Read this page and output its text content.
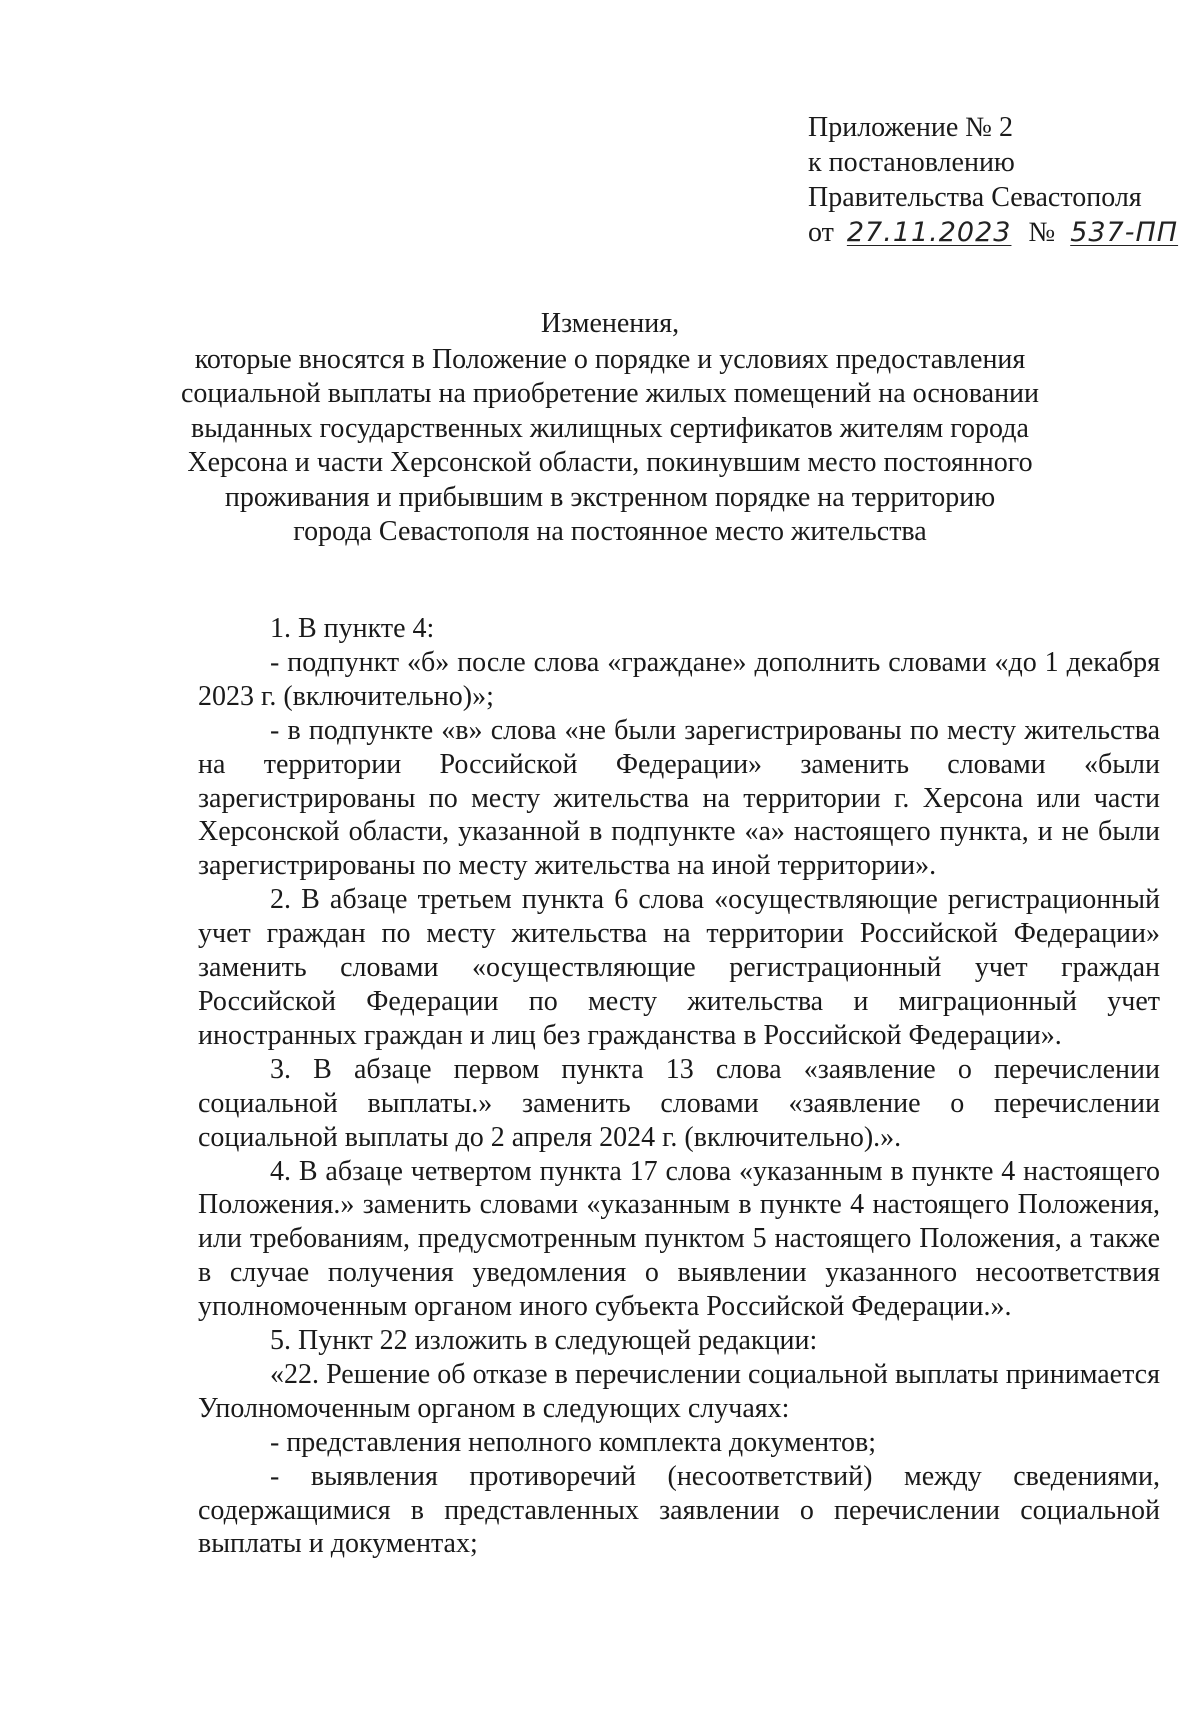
Приложение № 2
к постановлению
Правительства Севастополя
от 27.11.2023 № 537-ПП
Изменения,
которые вносятся в Положение о порядке и условиях предоставления
социальной выплаты на приобретение жилых помещений на основании
выданных государственных жилищных сертификатов жителям города
Херсона и части Херсонской области, покинувшим место постоянного
проживания и прибывшим в экстренном порядке на территорию
города Севастополя на постоянное место жительства

1. В пункте 4:

- подпункт «б» после слова «граждане» дополнить словами «до 1 декабря 2023 г. (включительно)»;

- в подпункте «в» слова «не были зарегистрированы по месту жительства на территории Российской Федерации» заменить словами «были зарегистрированы по месту жительства на территории г. Херсона или части Херсонской области, указанной в подпункте «а» настоящего пункта, и не были зарегистрированы по месту жительства на иной территории».

2. В абзаце третьем пункта 6 слова «осуществляющие регистрационный учет граждан по месту жительства на территории Российской Федерации» заменить словами «осуществляющие регистрационный учет граждан Российской Федерации по месту жительства и миграционный учет иностранных граждан и лиц без гражданства в Российской Федерации».

3. В абзаце первом пункта 13 слова «заявление о перечислении социальной выплаты.» заменить словами «заявление о перечислении социальной выплаты до 2 апреля 2024 г. (включительно).».

4. В абзаце четвертом пункта 17 слова «указанным в пункте 4 настоящего Положения.» заменить словами «указанным в пункте 4 настоящего Положения, или требованиям, предусмотренным пунктом 5 настоящего Положения, а также в случае получения уведомления о выявлении указанного несоответствия уполномоченным органом иного субъекта Российской Федерации.».

5. Пункт 22 изложить в следующей редакции:

«22. Решение об отказе в перечислении социальной выплаты принимается Уполномоченным органом в следующих случаях:

- представления неполного комплекта документов;

- выявления противоречий (несоответствий) между сведениями, содержащимися в представленных заявлении о перечислении социальной выплаты и документах;
